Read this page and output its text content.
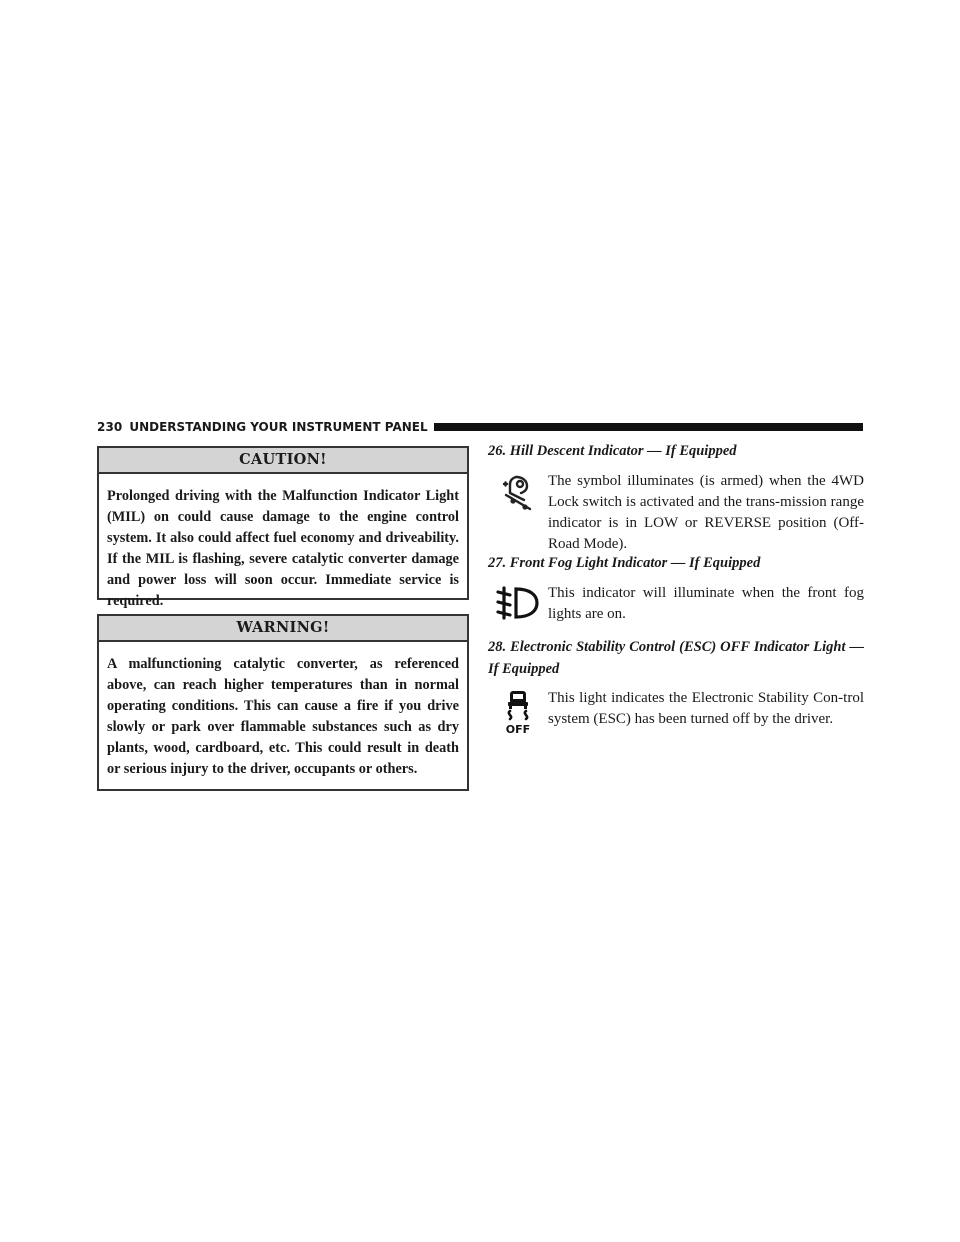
230 UNDERSTANDING YOUR INSTRUMENT PANEL
CAUTION!
Prolonged driving with the Malfunction Indicator Light (MIL) on could cause damage to the engine control system. It also could affect fuel economy and driveability. If the MIL is flashing, severe catalytic converter damage and power loss will soon occur. Immediate service is required.
WARNING!
A malfunctioning catalytic converter, as referenced above, can reach higher temperatures than in normal operating conditions. This can cause a fire if you drive slowly or park over flammable substances such as dry plants, wood, cardboard, etc. This could result in death or serious injury to the driver, occupants or others.

26. Hill Descent Indicator — If Equipped

The symbol illuminates (is armed) when the 4WD Lock switch is activated and the trans-mission range indicator is in LOW or REVERSE position (Off-Road Mode).

27. Front Fog Light Indicator — If Equipped

This indicator will illuminate when the front fog lights are on.

28. Electronic Stability Control (ESC) OFF Indicator Light — If Equipped

OFF

This light indicates the Electronic Stability Con-trol system (ESC) has been turned off by the driver.
